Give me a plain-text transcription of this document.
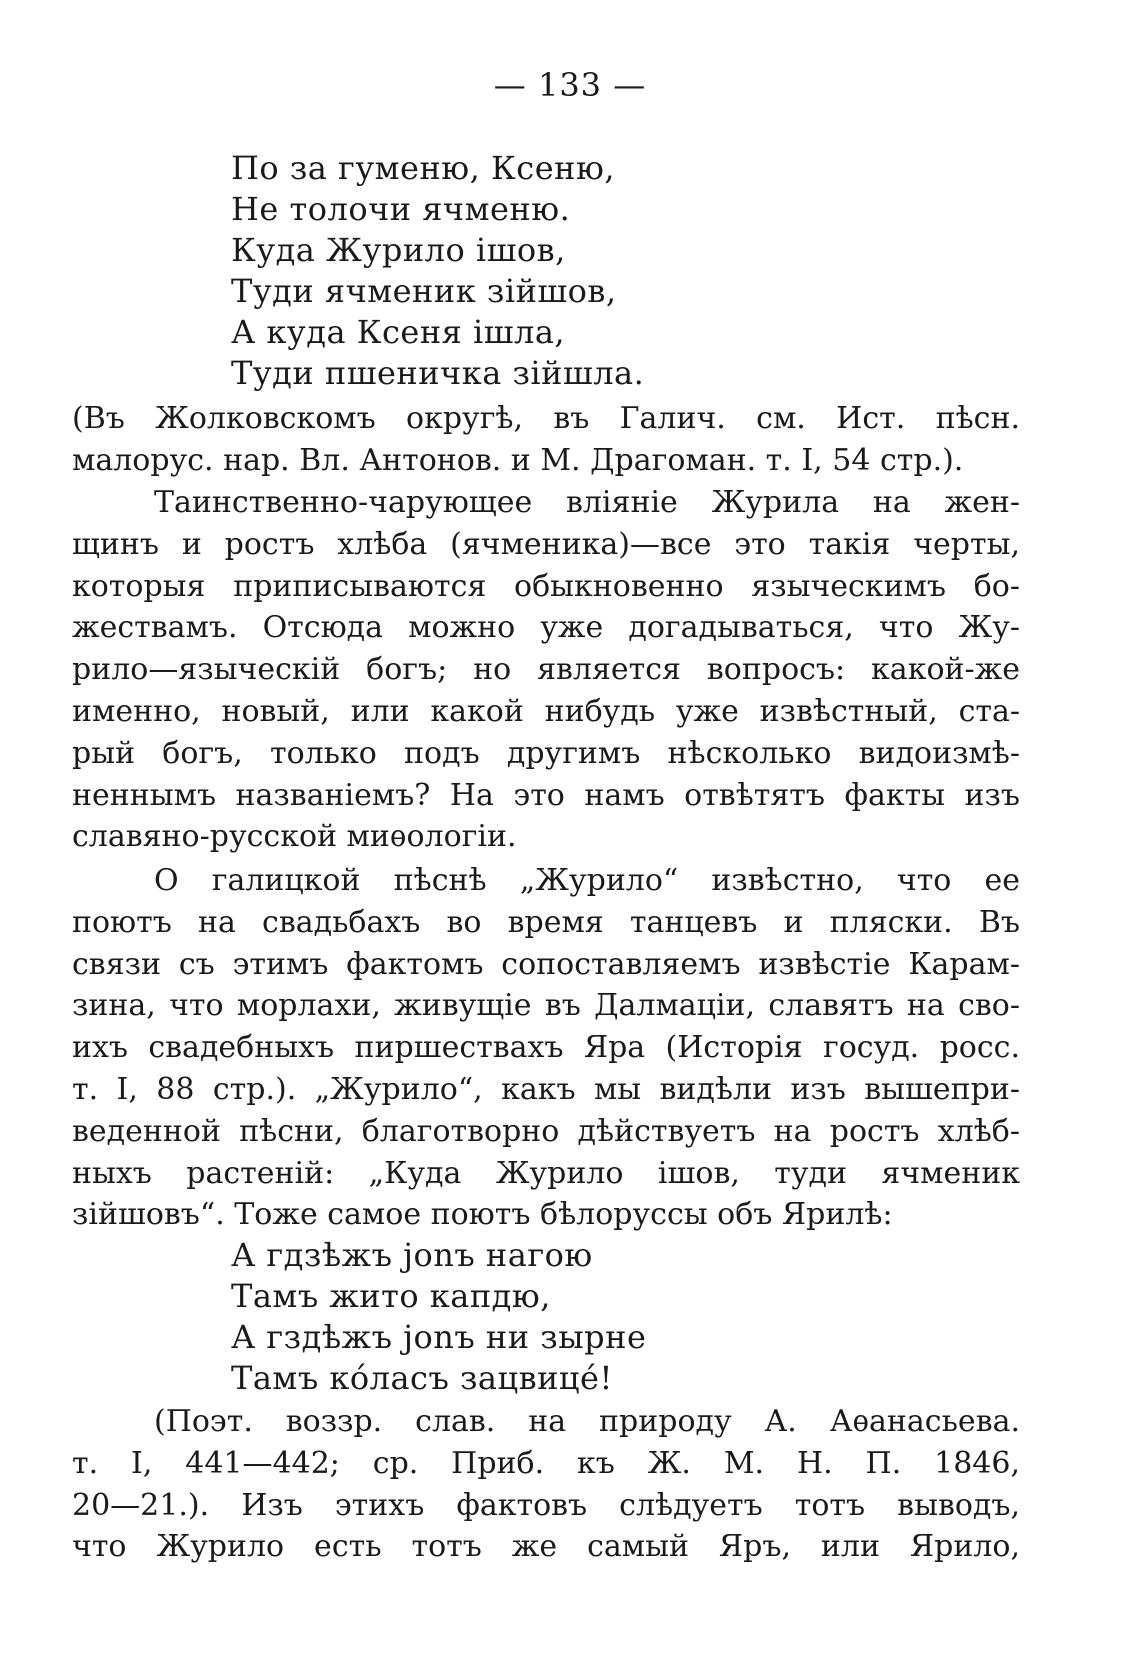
— 133 —
По за гуменю, Ксеню,
Не толочи ячменю.
Куда Журило ішов,
Туди ячменик зійшов,
А куда Ксеня ішла,
Туди пшеничка зійшла.
(Въ Жолковскомъ округѣ, въ Галич. см. Ист. пѣсн.
малорус. нар. Вл. Антонов. и М. Драгоман. т. I, 54 стр.).
Таинственно-чарующее вліяніе Журила на жен-
щинъ и ростъ хлѣба (ячменика)—все это такія черты,
которыя приписываются обыкновенно языческимъ бо-
жествамъ. Отсюда можно уже догадываться, что Жу-
рило—языческій богъ; но является вопросъ: какой-же
именно, новый, или какой нибудь уже извѣстный, ста-
рый богъ, только подъ другимъ нѣсколько видоизмѣ-
неннымъ названіемъ? На это намъ отвѣтятъ факты изъ
славяно-русской миѳологіи.
О галицкой пѣснѣ „Журило“ извѣстно, что ее
поютъ на свадьбахъ во время танцевъ и пляски. Въ
связи съ этимъ фактомъ сопоставляемъ извѣстіе Карам-
зина, что морлахи, живущіе въ Далмаціи, славятъ на сво-
ихъ свадебныхъ пиршествахъ Яра (Исторія госуд. росс.
т. I, 88 стр.). „Журило“, какъ мы видѣли изъ вышепри-
веденной пѣсни, благотворно дѣйствуетъ на ростъ хлѣб-
ныхъ растеній: „Куда Журило ішов, туди ячменик
зійшовъ“. Тоже самое поютъ бѣлоруссы объ Ярилѣ:
А гдзѣжъ jonъ нагою
Тамъ жито капдю,
А гздѣжъ jonъ ни зырне
Тамъ кóласъ зацвицé!
(Поэт. воззр. слав. на природу А. Аѳанасьева.
т. I, 441—442; ср. Приб. къ Ж. М. Н. П. 1846,
20—21.). Изъ этихъ фактовъ слѣдуетъ тотъ выводъ,
что Журило есть тотъ же самый Яръ, или Ярило,
